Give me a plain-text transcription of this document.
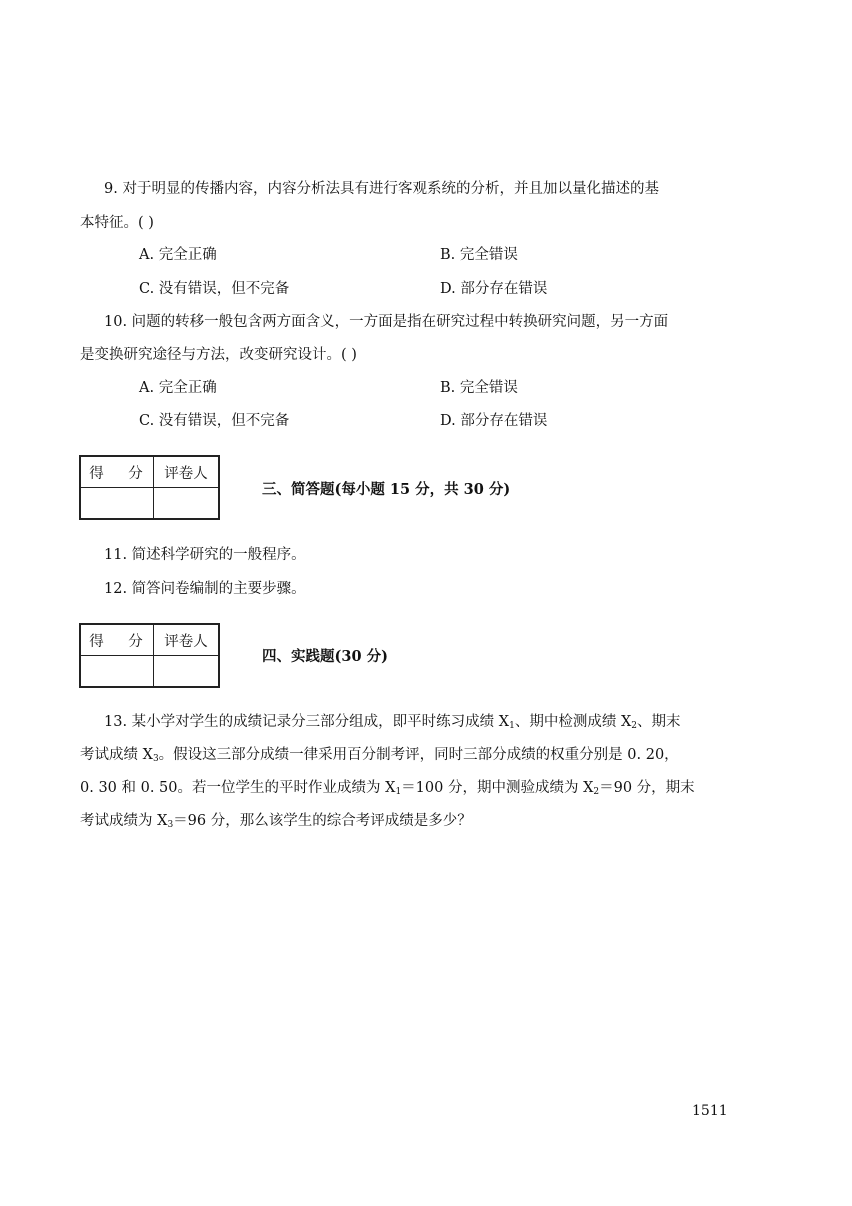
9. 对于明显的传播内容，内容分析法具有进行客观系统的分析，并且加以量化描述的基
本特征。( )
A. 完全正确	B. 完全错误
C. 没有错误，但不完备	D. 部分存在错误
10. 问题的转移一般包含两方面含义，一方面是指在研究过程中转换研究问题，另一方面
是变换研究途径与方法，改变研究设计。( )
A. 完全正确	B. 完全错误
C. 没有错误，但不完备	D. 部分存在错误
得 分	评卷人

三、简答题(每小题 15 分，共 30 分)
11. 简述科学研究的一般程序。
12. 简答问卷编制的主要步骤。
得 分	评卷人

四、实践题(30 分)
13. 某小学对学生的成绩记录分三部分组成，即平时练习成绩 $X_1$、期中检测成绩 $X_2$、期末
考试成绩 $X_3$。假设这三部分成绩一律采用百分制考评，同时三部分成绩的权重分别是 0. 20，
0. 30 和 0. 50。若一位学生的平时作业成绩为 $X_1=100$ 分，期中测验成绩为 $X_2=90$ 分，期末
考试成绩为 $X_3=96$ 分，那么该学生的综合考评成绩是多少？
1511
